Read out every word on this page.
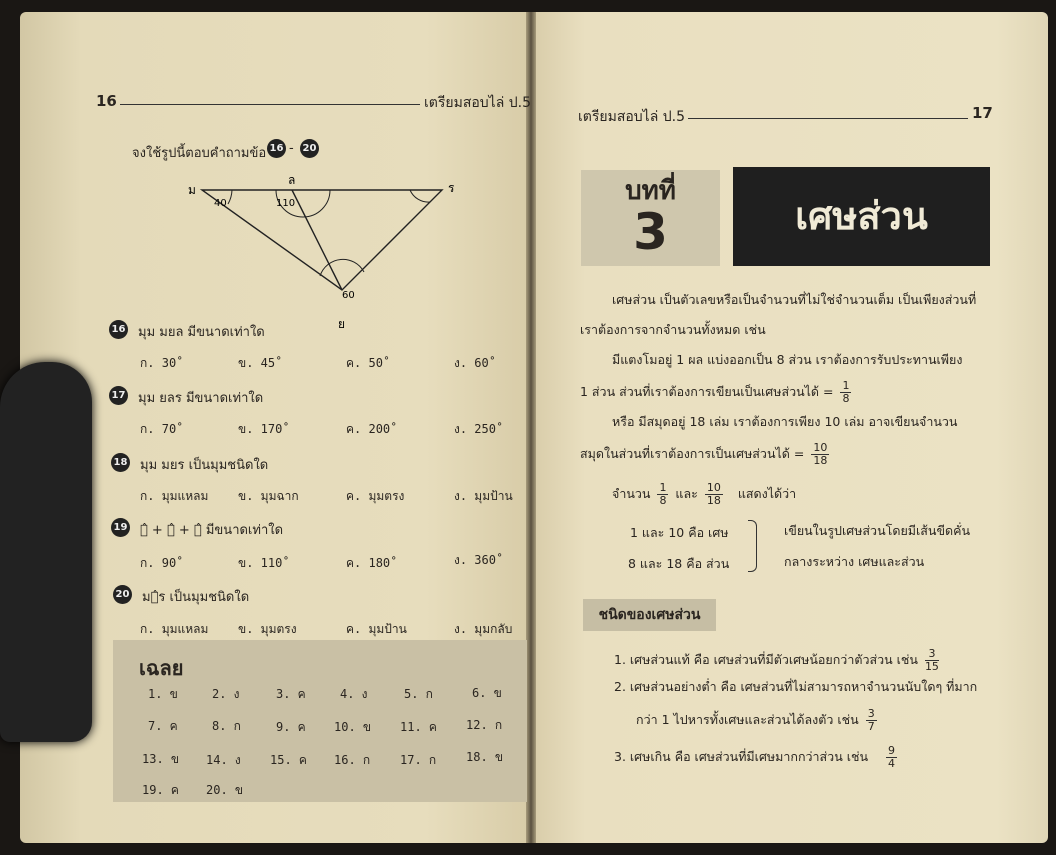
16	เตรียมสอบไล่ ป.5
จงใช้รูปนี้ตอบคำถามข้อ 16 - 20
ม
ล
ร
ย
40	110
60
16 มุม มยล มีขนาดเท่าใด
ก. 30˚	ข. 45˚	ค. 50˚	ง. 60˚
17 มุม ยลร มีขนาดเท่าใด
ก. 70˚	ข. 170˚	ค. 200˚	ง. 250˚
18 มุม มยร เป็นมุมชนิดใด
ก. มุมแหลม ข. มุมฉาก	ค. มุมตรง	ง. มุมป้าน
19 ม̂ + ย̂ + ร̂ มีขนาดเท่าใด
ก. 90˚	ข. 110˚	ค. 180˚	ง. 360˚
20 มล̂ร เป็นมุมชนิดใด
ก. มุมแหลม ข. มุมตรง	ค. มุมป้าน	ง. มุมกลับ
เฉลย
1. ข	2. ง	3. ค	4. ง	5. ก	6. ข
7. ค	8. ก	9. ค 10. ข 11. ค 12. ก
13. ข 14. ง 15. ค 16. ก 17. ก 18. ข
19. ค 20. ข
เตรียมสอบไล่ ป.5	17
บทที่
3	เศษส่วน
เศษส่วน เป็นตัวเลขหรือเป็นจำนวนที่ไม่ใช่จำนวนเต็ม เป็นเพียงส่วนที่
เราต้องการจากจำนวนทั้งหมด เช่น
มีแตงโมอยู่ 1 ผล แบ่งออกเป็น 8 ส่วน เราต้องการรับประทานเพียง
1 ส่วน ส่วนที่เราต้องการเขียนเป็นเศษส่วนได้ = $\frac{1}{8}$
หรือ มีสมุดอยู่ 18 เล่ม เราต้องการเพียง 10 เล่ม อาจเขียนจำนวน
สมุดในส่วนที่เราต้องการเป็นเศษส่วนได้ = $\frac{10}{18}$
จำนวน $\frac{1}{8}$ และ $\frac{10}{18}$ แสดงได้ว่า
1 และ 10 คือ เศษ
8 และ 18 คือ ส่วน
เขียนในรูปเศษส่วนโดยมีเส้นขีดคั่น
กลางระหว่าง เศษและส่วน
ชนิดของเศษส่วน
1. เศษส่วนแท้ คือ เศษส่วนที่มีตัวเศษน้อยกว่าตัวส่วน เช่น $\frac{3}{15}$
2. เศษส่วนอย่างต่ำ คือ เศษส่วนที่ไม่สามารถหาจำนวนนับใดๆ ที่มาก
กว่า 1 ไปหารทั้งเศษและส่วนได้ลงตัว เช่น $\frac{3}{7}$
3. เศษเกิน คือ เศษส่วนที่มีเศษมากกว่าส่วน เช่น $\frac{9}{4}$
